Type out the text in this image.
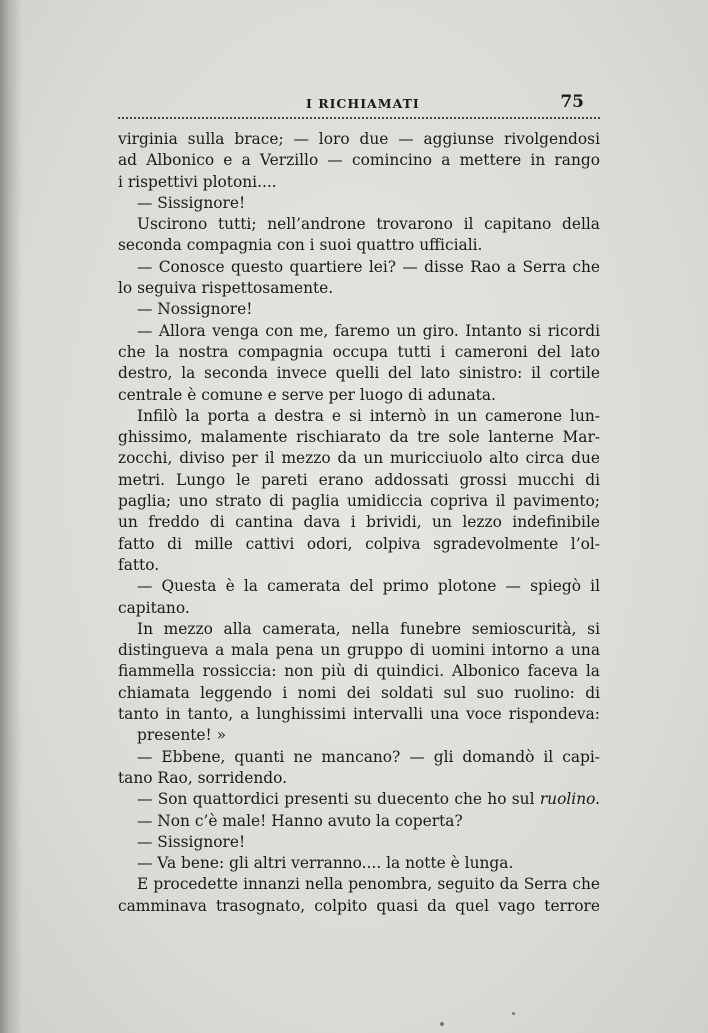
I RICHIAMATI	75
virginia sulla brace; — loro due — aggiunse rivolgendosi
ad Albonico e a Verzillo — comincino a mettere in rango
i rispettivi plotoni....
— Sissignore!
Uscirono tutti; nell’androne trovarono il capitano della
seconda compagnia con i suoi quattro ufficiali.
— Conosce questo quartiere lei? — disse Rao a Serra che
lo seguiva rispettosamente.
— Nossignore!
— Allora venga con me, faremo un giro. Intanto si ricordi
che la nostra compagnia occupa tutti i cameroni del lato
destro, la seconda invece quelli del lato sinistro: il cortile
centrale è comune e serve per luogo di adunata.
Infilò la porta a destra e si internò in un camerone lun-
ghissimo, malamente rischiarato da tre sole lanterne Mar-
zocchi, diviso per il mezzo da un muricciuolo alto circa due
metri. Lungo le pareti erano addossati grossi mucchi di
paglia; uno strato di paglia umidiccia copriva il pavimento;
un freddo di cantina dava i brividi, un lezzo indefinibile
fatto di mille cattivi odori, colpiva sgradevolmente l’ol-
fatto.
— Questa è la camerata del primo plotone — spiegò il
capitano.
In mezzo alla camerata, nella funebre semioscurità, si
distingueva a mala pena un gruppo di uomini intorno a una
fiammella rossiccia: non più di quindici. Albonico faceva la
chiamata leggendo i nomi dei soldati sul suo ruolino: di
tanto in tanto, a lunghissimi intervalli una voce rispondeva:
presente! »
— Ebbene, quanti ne mancano? — gli domandò il capi-
tano Rao, sorridendo.
— Son quattordici presenti su duecento che ho sul ruolino.
— Non c’è male! Hanno avuto la coperta?
— Sissignore!
— Va bene: gli altri verranno.... la notte è lunga.
E procedette innanzi nella penombra, seguito da Serra che
camminava trasognato, colpito quasi da quel vago terrore
